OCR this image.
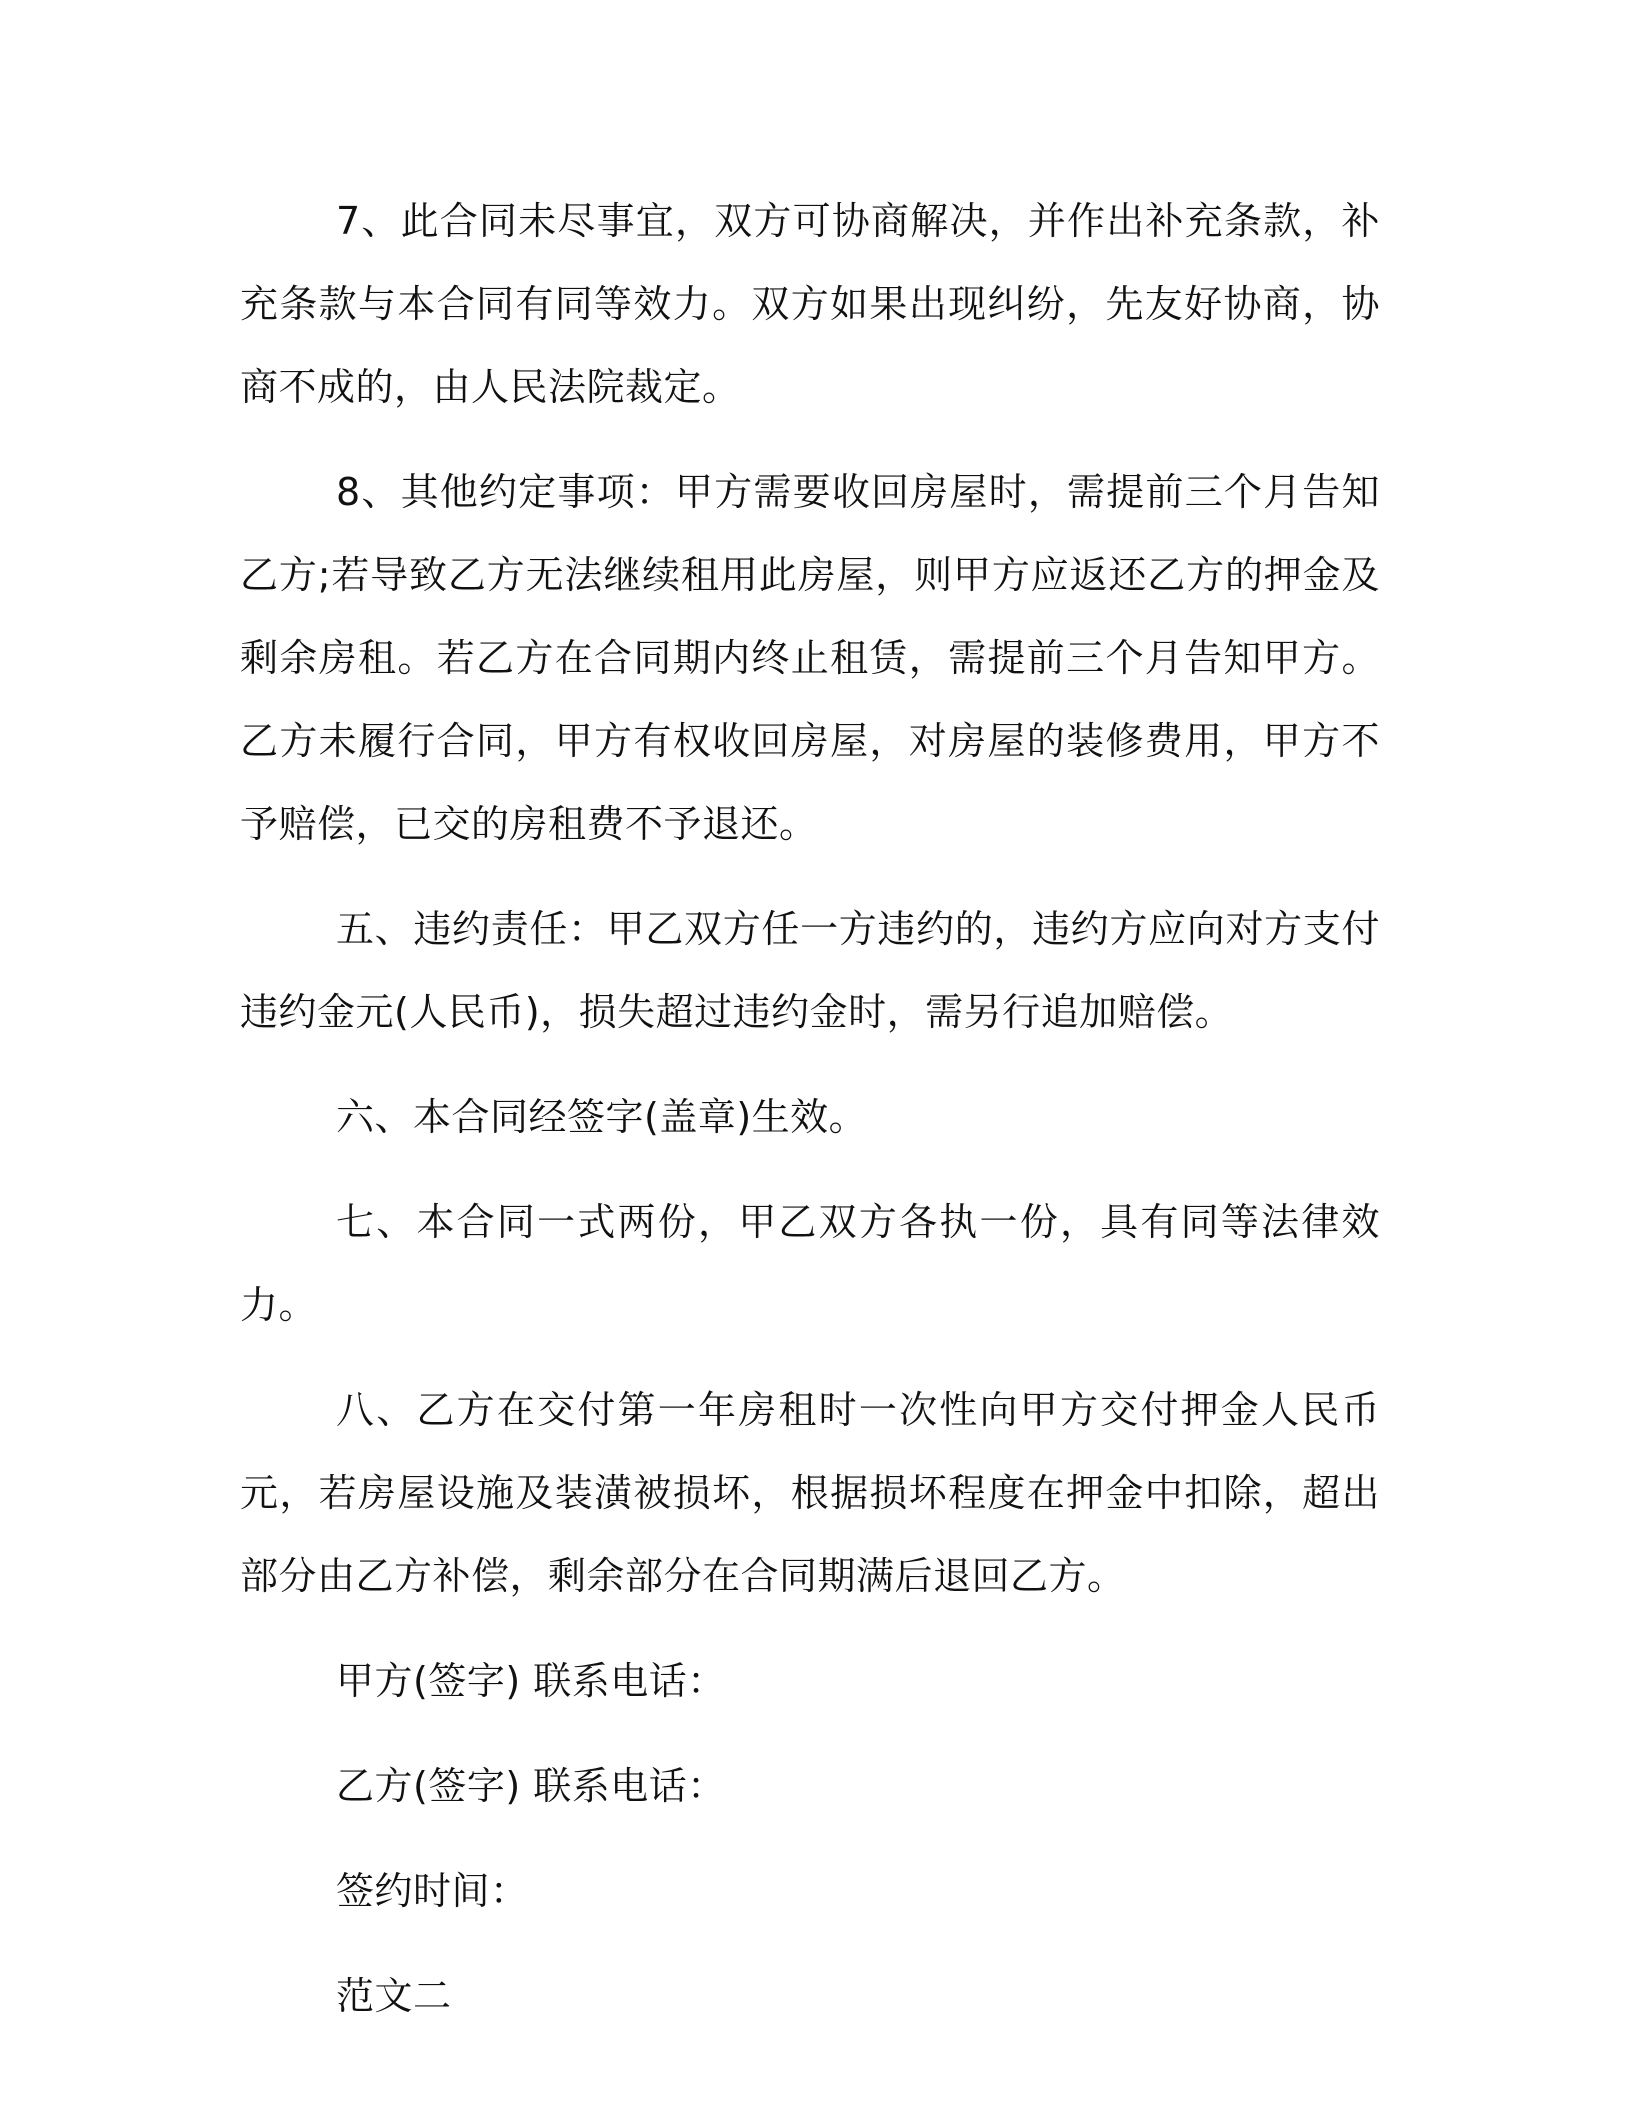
7、此合同未尽事宜，双方可协商解决，并作出补充条款，补充条款与本合同有同等效力。双方如果出现纠纷，先友好协商，协商不成的，由人民法院裁定。

8、其他约定事项：甲方需要收回房屋时，需提前三个月告知乙方;若导致乙方无法继续租用此房屋，则甲方应返还乙方的押金及剩余房租。若乙方在合同期内终止租赁，需提前三个月告知甲方。乙方未履行合同，甲方有权收回房屋，对房屋的装修费用，甲方不予赔偿，已交的房租费不予退还。

五、违约责任：甲乙双方任一方违约的，违约方应向对方支付违约金元(人民币)，损失超过违约金时，需另行追加赔偿。

六、本合同经签字(盖章)生效。

七、本合同一式两份，甲乙双方各执一份，具有同等法律效力。

八、乙方在交付第一年房租时一次性向甲方交付押金人民币元，若房屋设施及装潢被损坏，根据损坏程度在押金中扣除，超出部分由乙方补偿，剩余部分在合同期满后退回乙方。

甲方(签字) 联系电话：

乙方(签字) 联系电话：

签约时间：

范文二
